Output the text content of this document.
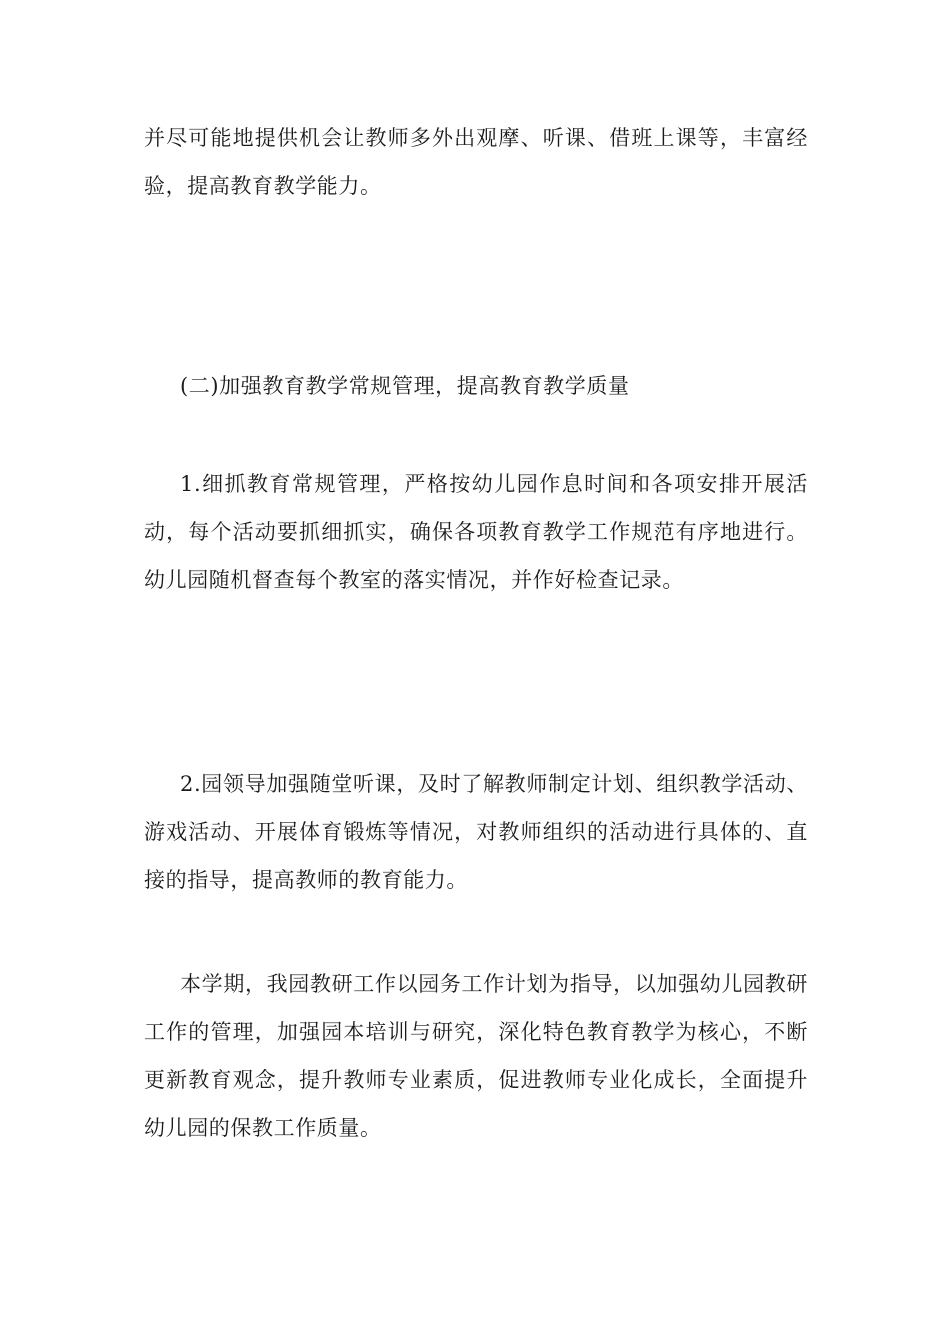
并尽可能地提供机会让教师多外出观摩、听课、借班上课等，丰富经验，提高教育教学能力。

(二)加强教育教学常规管理，提高教育教学质量

1.细抓教育常规管理，严格按幼儿园作息时间和各项安排开展活动，每个活动要抓细抓实，确保各项教育教学工作规范有序地进行。幼儿园随机督查每个教室的落实情况，并作好检查记录。

2.园领导加强随堂听课，及时了解教师制定计划、组织教学活动、游戏活动、开展体育锻炼等情况，对教师组织的活动进行具体的、直接的指导，提高教师的教育能力。

本学期，我园教研工作以园务工作计划为指导，以加强幼儿园教研工作的管理，加强园本培训与研究，深化特色教育教学为核心，不断更新教育观念，提升教师专业素质，促进教师专业化成长，全面提升幼儿园的保教工作质量。
